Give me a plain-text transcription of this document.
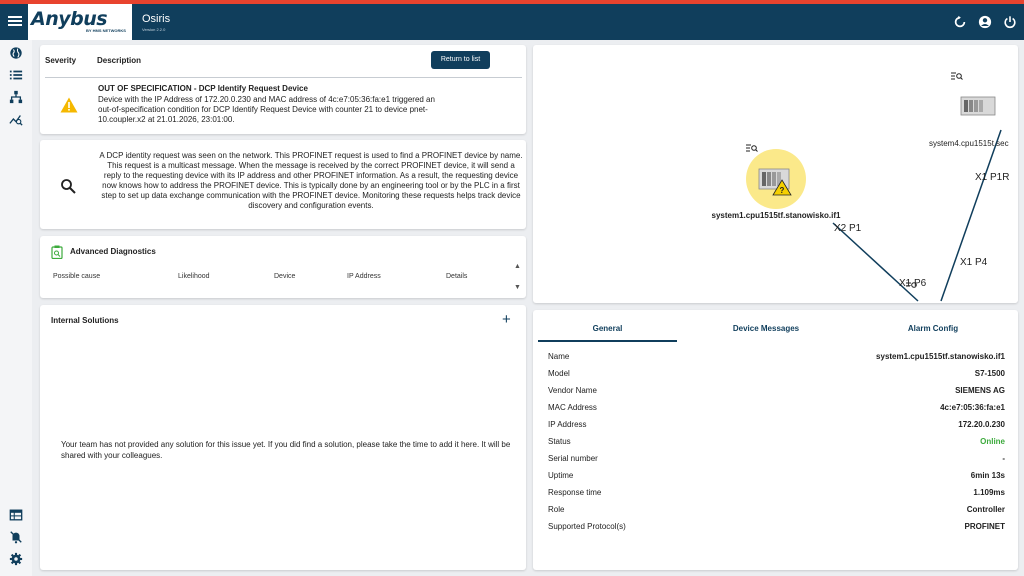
Anybus
BY HMS NETWORKS
Osiris
Version 2.2.0
Severity	Description	Return to list
OUT OF SPECIFICATION - DCP Identify Request Device
Device with the IP Address of 172.20.0.230 and MAC address of 4c:e7:05:36:fa:e1 triggered an out-of-specification condition for DCP Identify Request Device with counter 21 to device pnet-10.coupler.x2 at 21.01.2026, 23:01:00.
A DCP identity request was seen on the network. This PROFINET request is used to find a PROFINET device by name. This request is a multicast message. When the message is received by the correct PROFINET device, it will send a reply to the requesting device with its IP address and other PROFINET information. As a result, the requesting device now knows how to address the PROFINET device. This is typically done by an engineering tool or by the PLC in a first step to set up data exchange communication with the PROFINET device. Monitoring these requests helps track device discovery and configuration events.
Advanced Diagnostics
Possible cause	Likelihood	Device	IP Address	Details
▲
▼
Internal Solutions	+
Your team has not provided any solution for this issue yet. If you did find a solution, please take the time to add it here. It will be shared with your colleagues.
?
system1.cpu1515tf.stanowisko.if1
system4.cpu1515t.sec
X2 P1
X1 P6
X1 P1R
X1 P4
General	Device Messages	Alarm Config
Name	system1.cpu1515tf.stanowisko.if1
Model	S7-1500
Vendor Name	SIEMENS AG
MAC Address	4c:e7:05:36:fa:e1
IP Address	172.20.0.230
Status	Online
Serial number	-
Uptime	6min 13s
Response time	1.109ms
Role	Controller
Supported Protocol(s)	PROFINET
